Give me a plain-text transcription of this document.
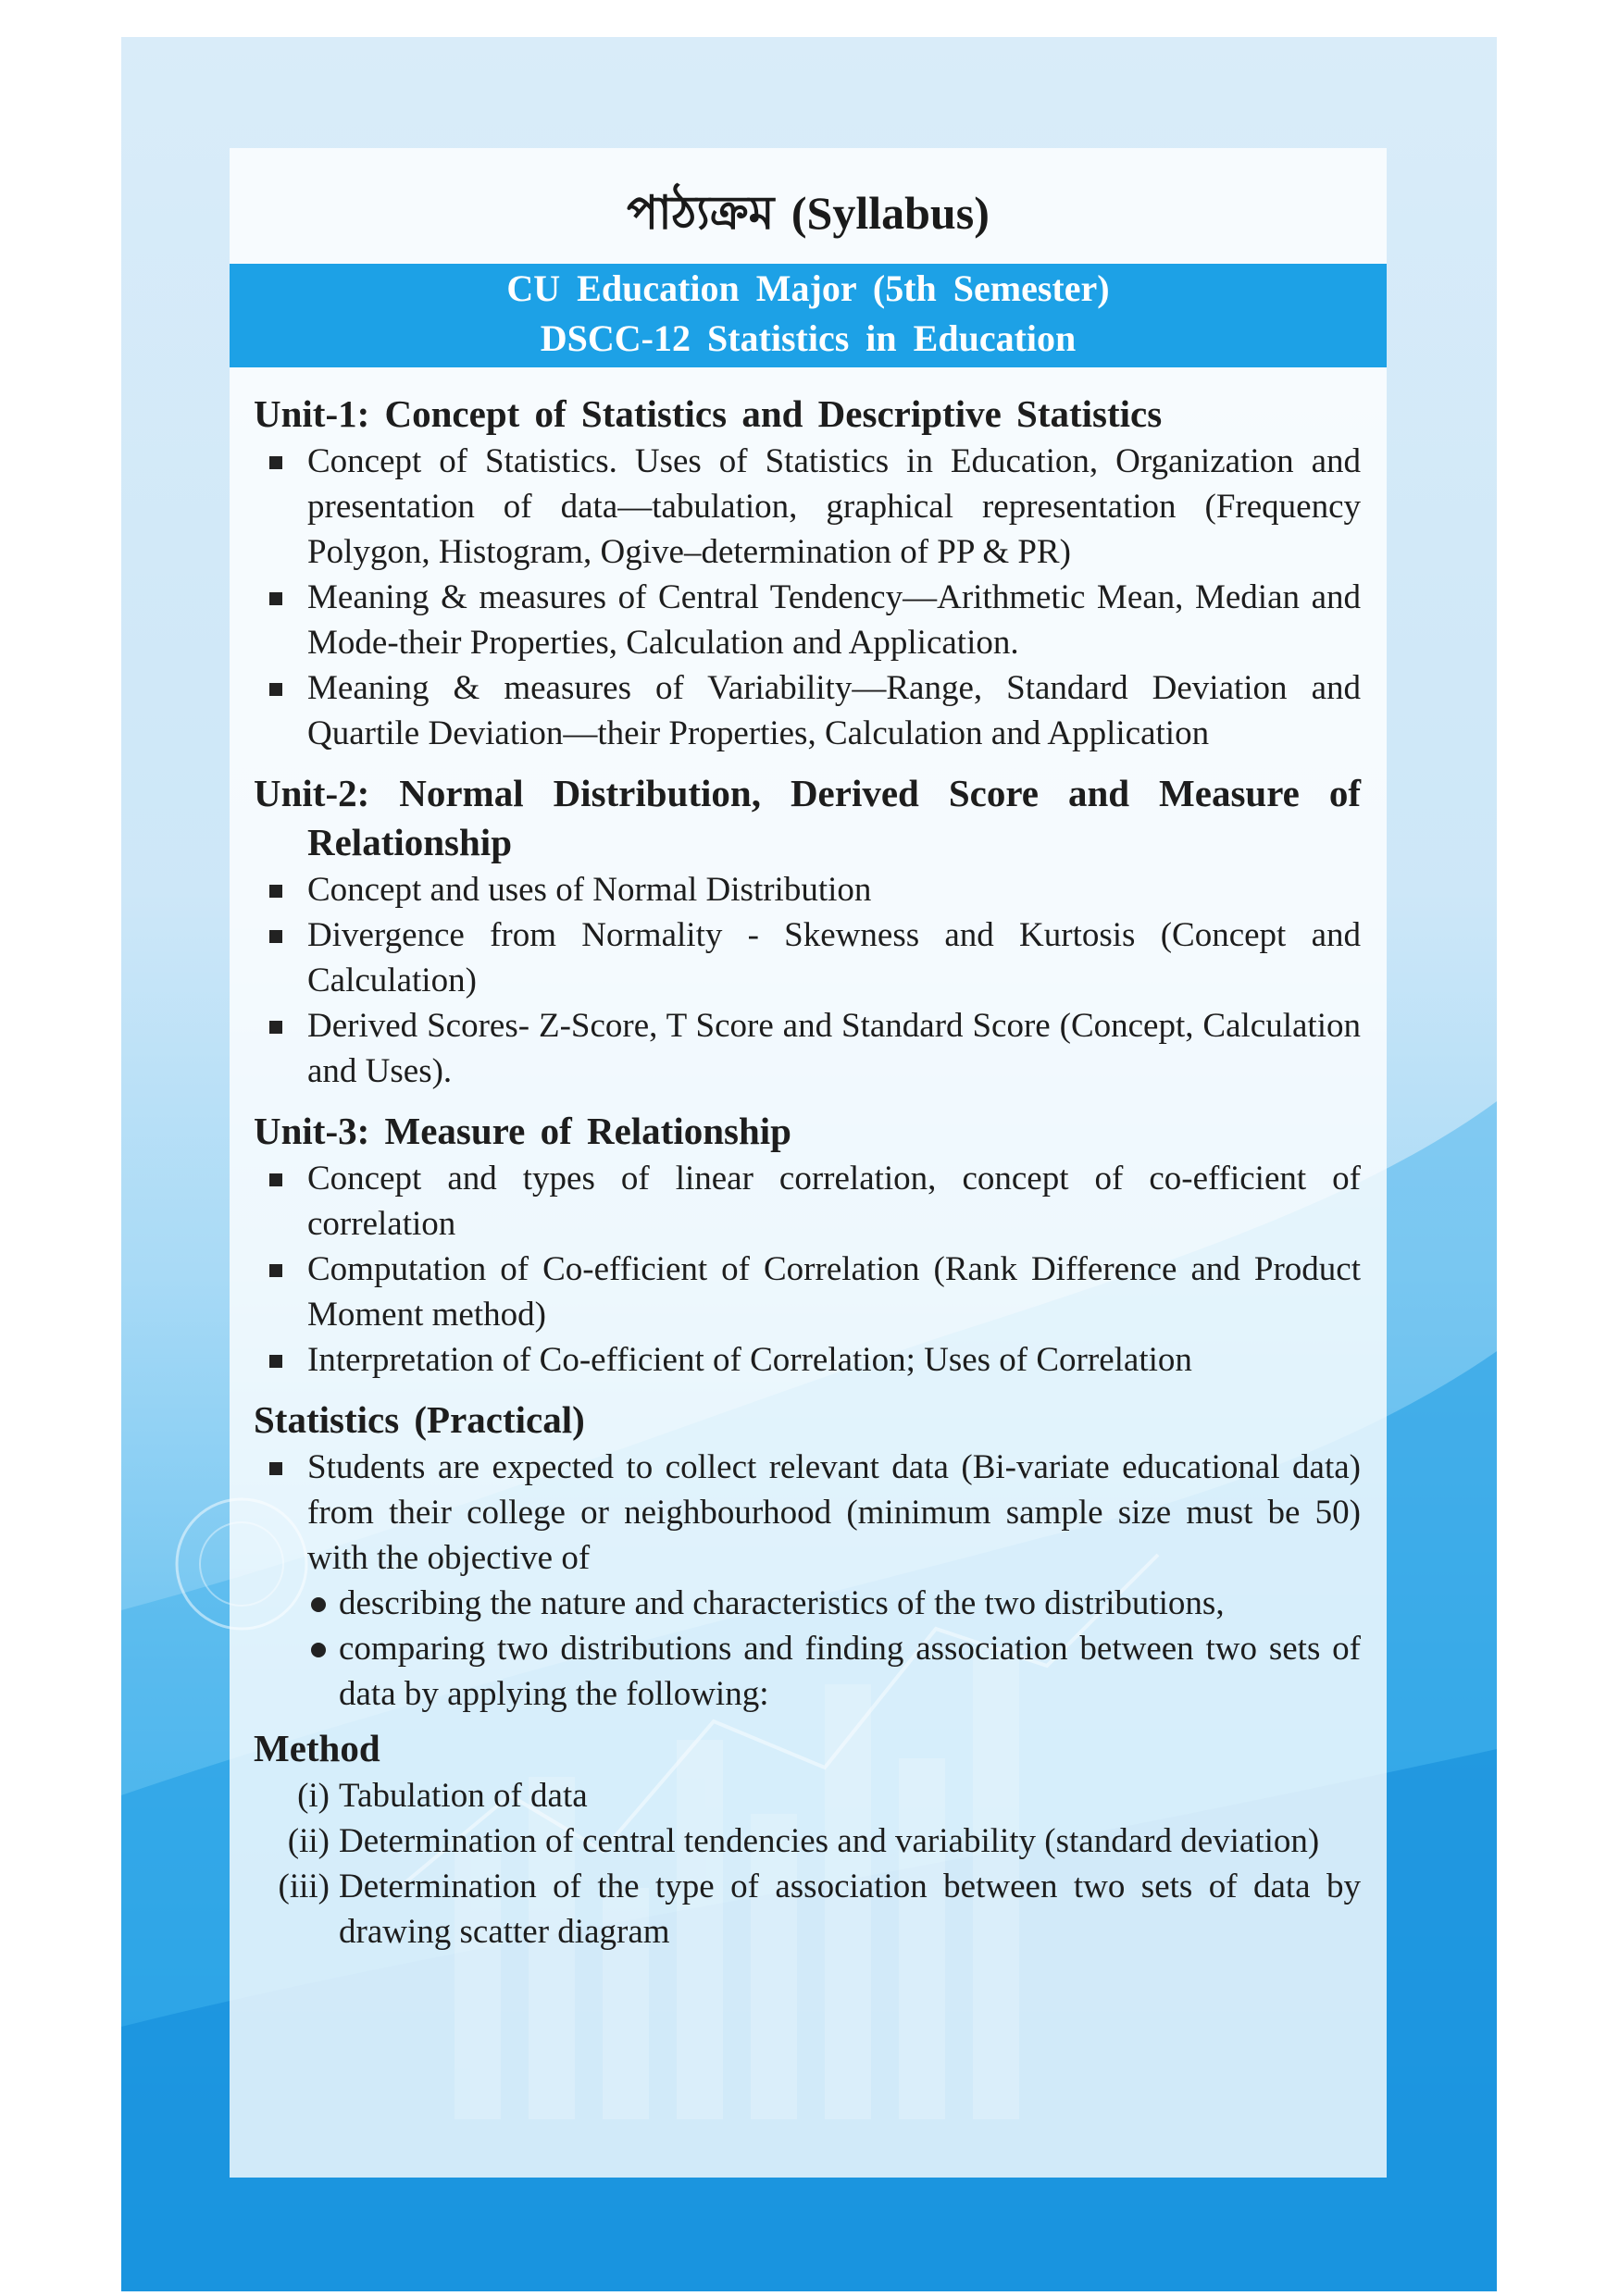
পাঠ্যক্রম (Syllabus)
CU Education Major (5th Semester)
DSCC-12 Statistics in Education
Unit-1: Concept of Statistics and Descriptive Statistics
Concept of Statistics. Uses of Statistics in Education, Organization and presentation of data—tabulation, graphical representation (Frequency Polygon, Histogram, Ogive–determination of PP & PR)
Meaning & measures of Central Tendency—Arithmetic Mean, Median and Mode-their Properties, Calculation and Application.
Meaning & measures of Variability—Range, Standard Deviation and Quartile Deviation—their Properties, Calculation and Application
Unit-2: Normal Distribution, Derived Score and Measure of Relationship
Concept and uses of Normal Distribution
Divergence from Normality - Skewness and Kurtosis (Concept and Calculation)
Derived Scores- Z-Score, T Score and Standard Score (Concept, Calculation and Uses).
Unit-3: Measure of Relationship
Concept and types of linear correlation, concept of co-efficient of correlation
Computation of Co-efficient of Correlation (Rank Difference and Product Moment method)
Interpretation of Co-efficient of Correlation; Uses of Correlation
Statistics (Practical)
Students are expected to collect relevant data (Bi-variate educational data) from their college or neighbourhood (minimum sample size must be 50) with the objective of
describing the nature and characteristics of the two distributions,
comparing two distributions and finding association between two sets of data by applying the following:
Method
(i) Tabulation of data
(ii) Determination of central tendencies and variability (standard deviation)
(iii) Determination of the type of association between two sets of data by drawing scatter diagram
